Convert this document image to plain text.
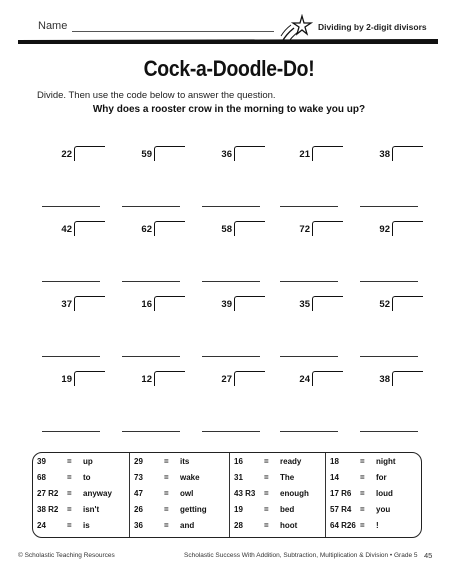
Name	Dividing by 2-digit divisors
Cock-a-Doodle-Do!
Divide. Then use the code below to answer the question.
Why does a rooster crow in the morning to wake you up?
22	59	36	21	38
42	62	58	72	92
37	16	39	35	52
19	12	27	24	38
39	= up
68	= to
27 R2 = anyway
38 R2 = isn't
24	= is
29	= its
73	= wake
47	= owl
26	= getting
36	= and
16	= ready
31	= The
43 R3 = enough
19	= bed
28	= hoot
18	= night
14	= for
17 R6 = loud
57 R4 = you
64 R26 = !
© Scholastic Teaching Resources	Scholastic Success With Addition, Subtraction, Multiplication & Division • Grade 5 45
